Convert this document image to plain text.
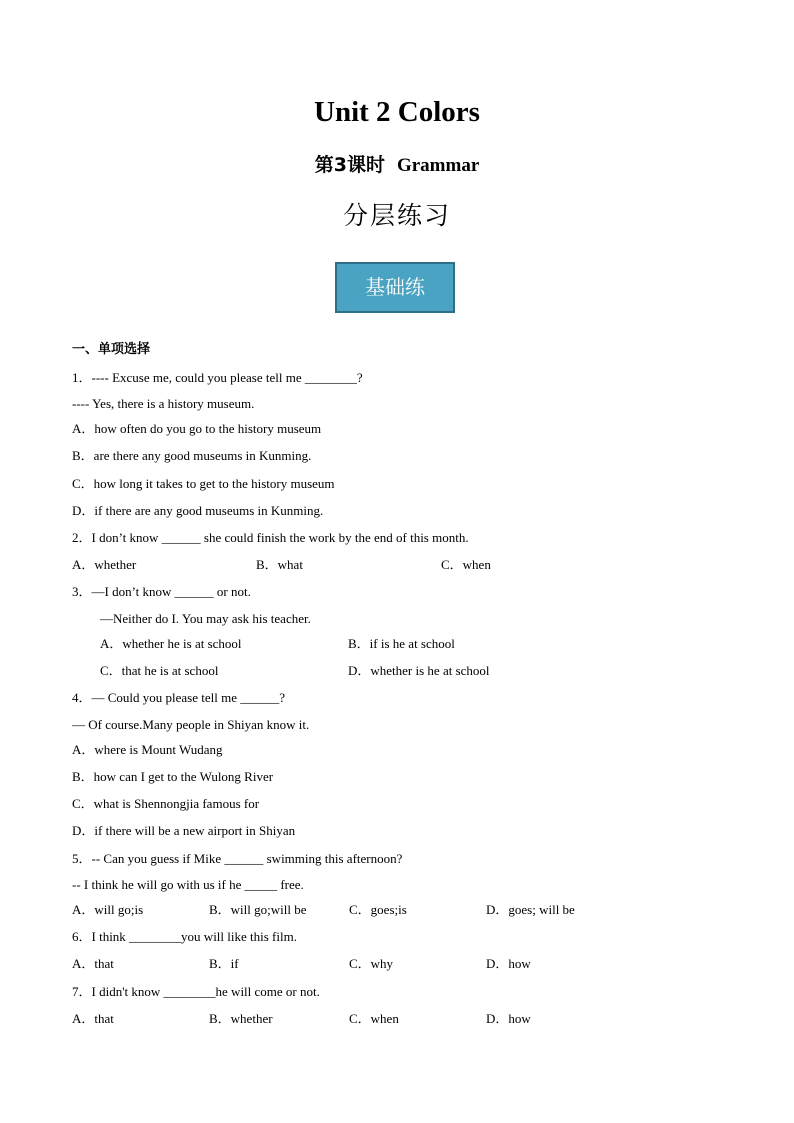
Unit 2 Colors
第3课时 Grammar
分层练习
基础练
一、单项选择
1．---- Excuse me, could you please tell me ________?
---- Yes, there is a history museum.
A．how often do you go to the history museum
B．are there any good museums in Kunming.
C．how long it takes to get to the history museum
D．if there are any good museums in Kunming.
2．I don’t know ______ she could finish the work by the end of this month.
A．whether	B．what	C．when
3．—I don’t know ______ or not.
—Neither do I. You may ask his teacher.
A．whether he is at school	B．if is he at school
C．that he is at school	D．whether is he at school
4．— Could you please tell me ______?
— Of course.Many people in Shiyan know it.
A．where is Mount Wudang
B．how can I get to the Wulong River
C．what is Shennongjia famous for
D．if there will be a new airport in Shiyan
5．-- Can you guess if Mike ______ swimming this afternoon?
-- I think he will go with us if he _____ free.
A．will go;is	B．will go;will be	C．goes;is	D．goes; will be
6．I think ________you will like this film.
A．that	B．if	C．why	D．how
7．I didn't know ________he will come or not.
A．that	B．whether	C．when	D．how
